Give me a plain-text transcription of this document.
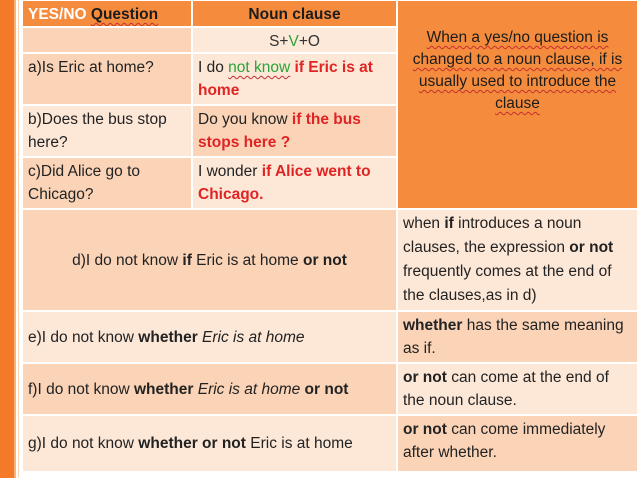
YES/NO Question	Noun clause
When a yes/no question is changed to a noun clause, if is usually used to introduce the clause
S+V+O
a)Is Eric at home?	I do not know if Eric is at home
b)Does the bus stop here?
Do you know if the bus stops here ?
c)Did Alice go to Chicago?
I wonder if Alice went to Chicago.
d)I do not know if Eric is at home or not
when if introduces a noun clauses, the expression or not frequently comes at the end of the clauses,as in d)
e)I do not know whether Eric is at home
whether has the same meaning as if.
f)I do not know whether Eric is at home or not
or not can come at the end of the noun clause.
g)I do not know whether or not Eric is at home
or not can come immediately after whether.
